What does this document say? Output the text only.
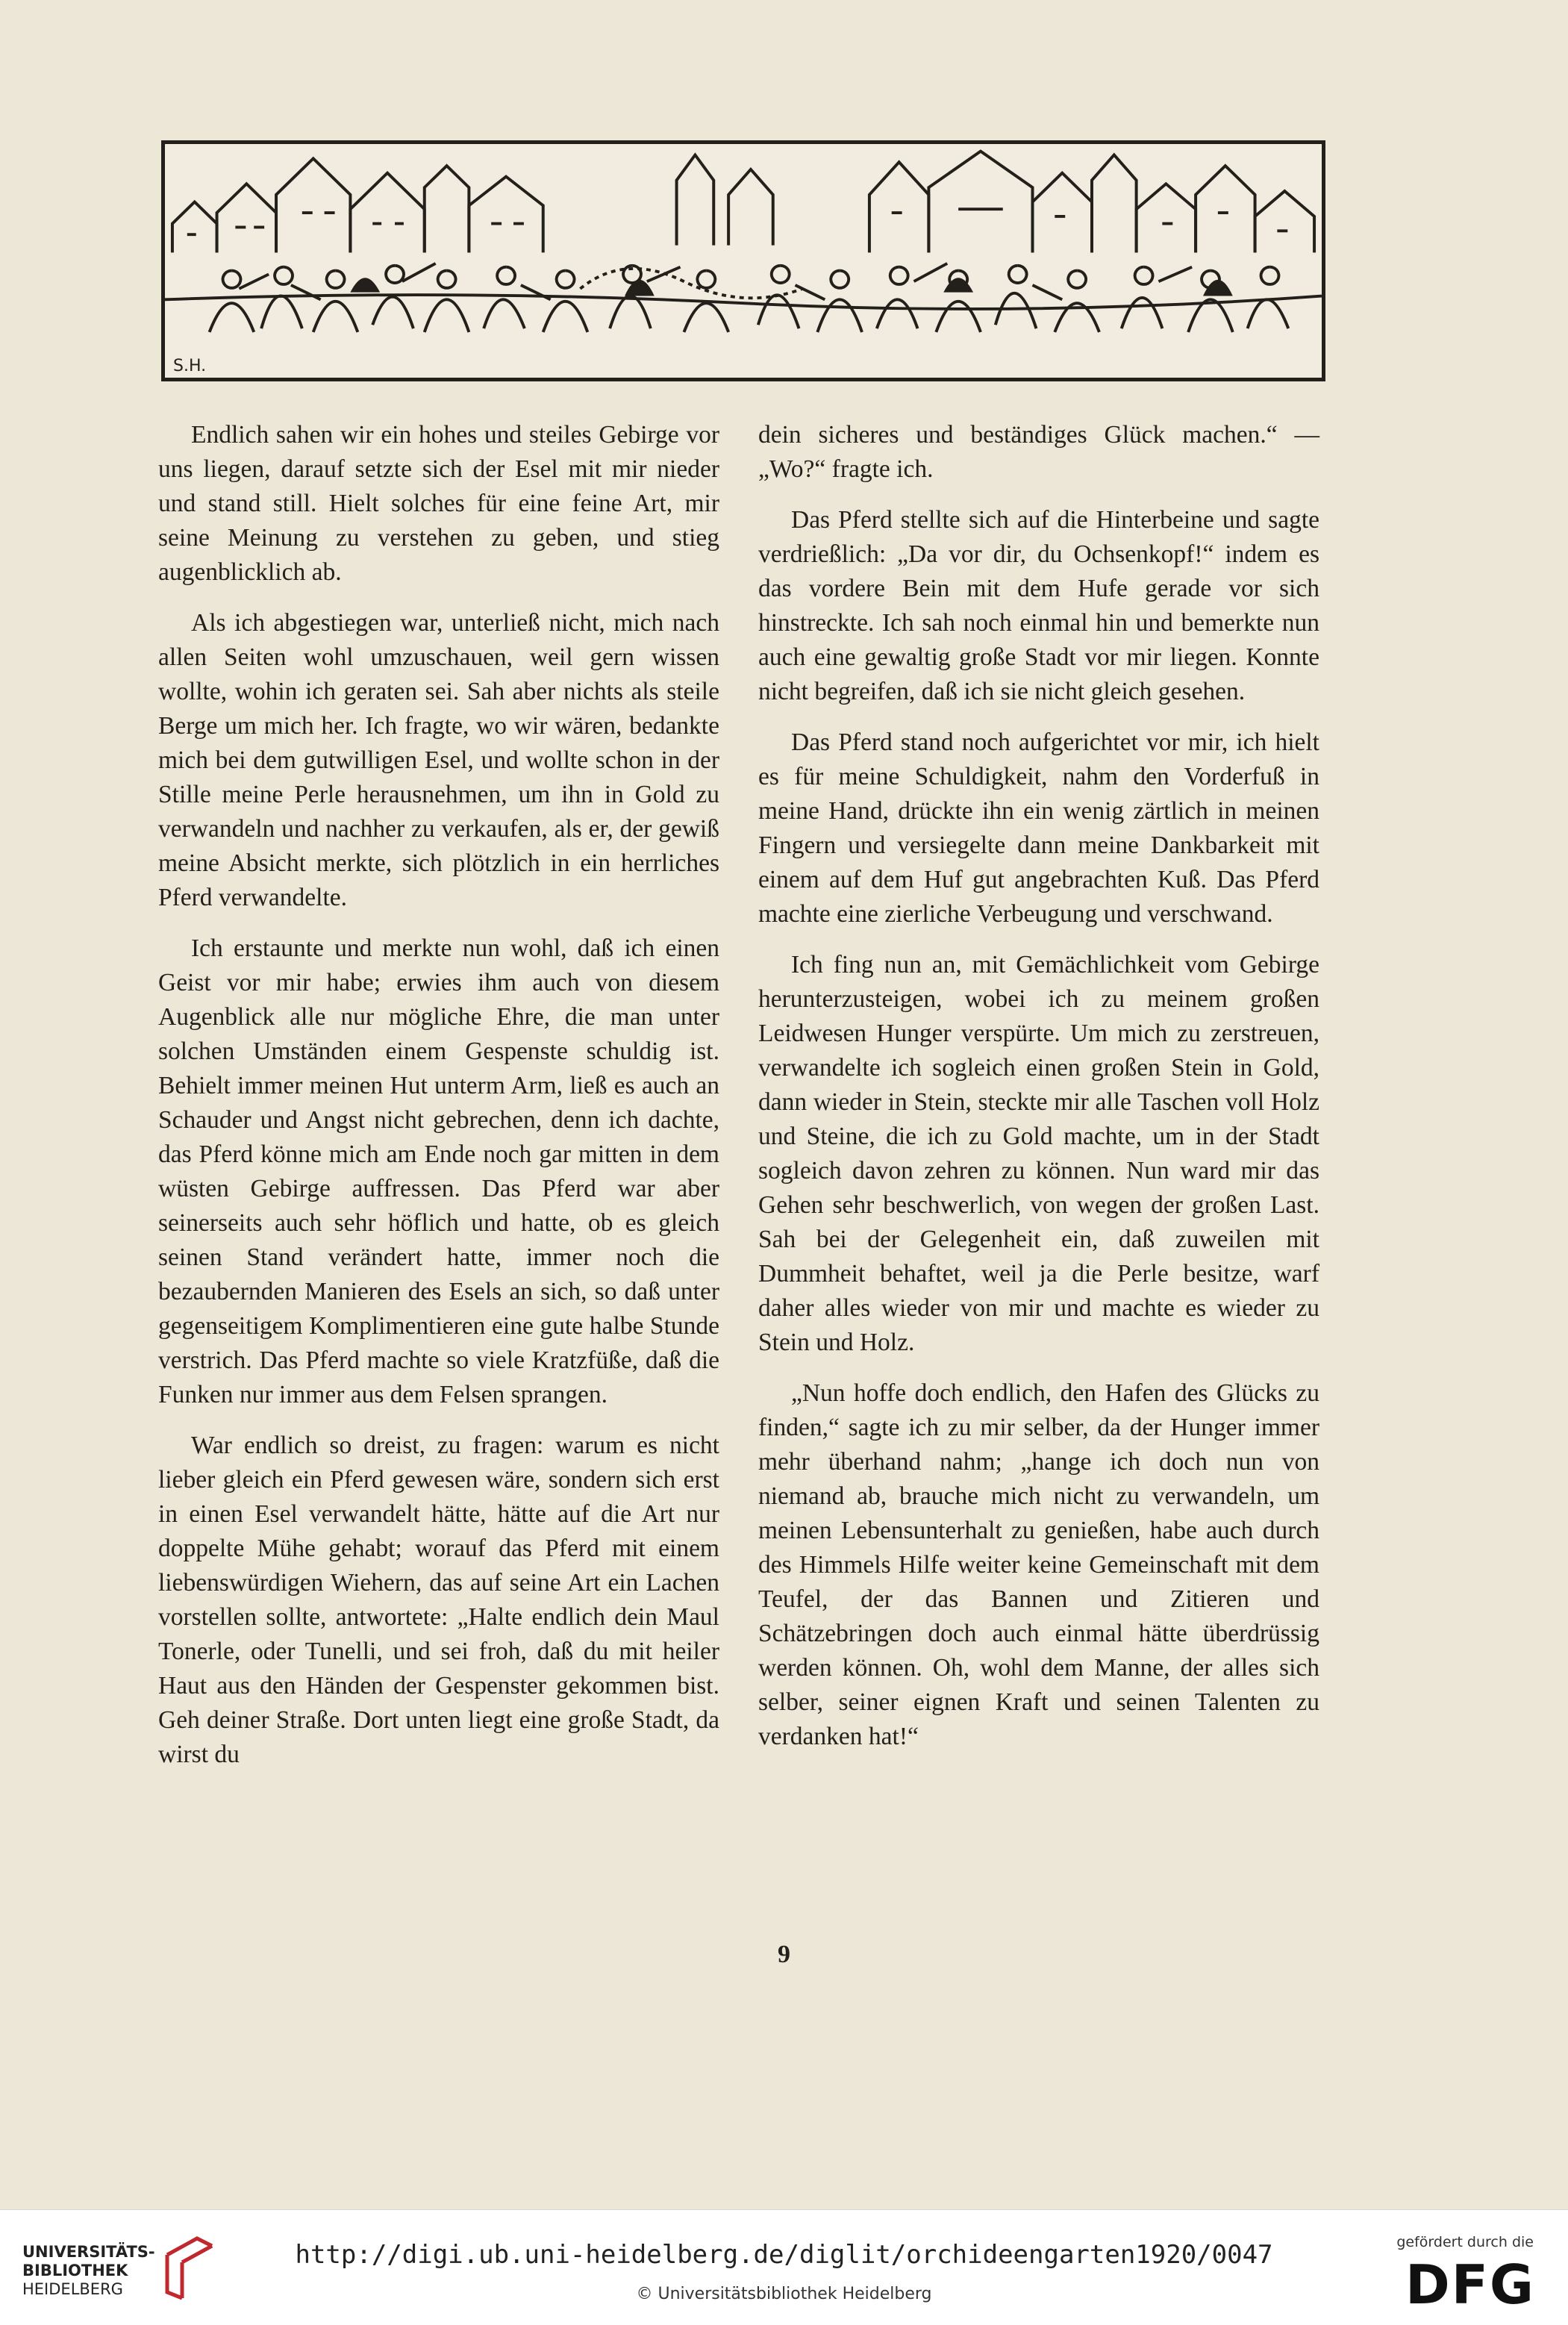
S.H.

Endlich sahen wir ein hohes und steiles Gebirge vor uns liegen, darauf setzte sich der Esel mit mir nieder und stand still. Hielt solches für eine feine Art, mir seine Meinung zu verstehen zu geben, und stieg augenblicklich ab.

Als ich abgestiegen war, unterließ nicht, mich nach allen Seiten wohl umzuschauen, weil gern wissen wollte, wohin ich geraten sei. Sah aber nichts als steile Berge um mich her. Ich fragte, wo wir wären, bedankte mich bei dem gutwilligen Esel, und wollte schon in der Stille meine Perle herausnehmen, um ihn in Gold zu verwandeln und nachher zu verkaufen, als er, der gewiß meine Absicht merkte, sich plötzlich in ein herrliches Pferd verwandelte.

Ich erstaunte und merkte nun wohl, daß ich einen Geist vor mir habe; erwies ihm auch von diesem Augenblick alle nur mögliche Ehre, die man unter solchen Umständen einem Gespenste schuldig ist. Behielt immer meinen Hut unterm Arm, ließ es auch an Schauder und Angst nicht gebrechen, denn ich dachte, das Pferd könne mich am Ende noch gar mitten in dem wüsten Gebirge auffressen. Das Pferd war aber seinerseits auch sehr höflich und hatte, ob es gleich seinen Stand verändert hatte, immer noch die bezaubernden Manieren des Esels an sich, so daß unter gegenseitigem Komplimentieren eine gute halbe Stunde verstrich. Das Pferd machte so viele Kratzfüße, daß die Funken nur immer aus dem Felsen sprangen.

War endlich so dreist, zu fragen: warum es nicht lieber gleich ein Pferd gewesen wäre, sondern sich erst in einen Esel verwandelt hätte, hätte auf die Art nur doppelte Mühe gehabt; worauf das Pferd mit einem liebenswürdigen Wiehern, das auf seine Art ein Lachen vorstellen sollte, antwortete: „Halte endlich dein Maul Tonerle, oder Tunelli, und sei froh, daß du mit heiler Haut aus den Händen der Gespenster gekommen bist. Geh deiner Straße. Dort unten liegt eine große Stadt, da wirst du

dein sicheres und beständiges Glück machen.“ — „Wo?“ fragte ich.

Das Pferd stellte sich auf die Hinterbeine und sagte verdrießlich: „Da vor dir, du Ochsenkopf!“ indem es das vordere Bein mit dem Hufe gerade vor sich hinstreckte. Ich sah noch einmal hin und bemerkte nun auch eine gewaltig große Stadt vor mir liegen. Konnte nicht begreifen, daß ich sie nicht gleich gesehen.

Das Pferd stand noch aufgerichtet vor mir, ich hielt es für meine Schuldigkeit, nahm den Vorderfuß in meine Hand, drückte ihn ein wenig zärtlich in meinen Fingern und versiegelte dann meine Dankbarkeit mit einem auf dem Huf gut angebrachten Kuß. Das Pferd machte eine zierliche Verbeugung und verschwand.

Ich fing nun an, mit Gemächlichkeit vom Gebirge herunterzusteigen, wobei ich zu meinem großen Leidwesen Hunger verspürte. Um mich zu zerstreuen, verwandelte ich sogleich einen großen Stein in Gold, dann wieder in Stein, steckte mir alle Taschen voll Holz und Steine, die ich zu Gold machte, um in der Stadt sogleich davon zehren zu können. Nun ward mir das Gehen sehr beschwerlich, von wegen der großen Last. Sah bei der Gelegenheit ein, daß zuweilen mit Dummheit behaftet, weil ja die Perle besitze, warf daher alles wieder von mir und machte es wieder zu Stein und Holz.

„Nun hoffe doch endlich, den Hafen des Glücks zu finden,“ sagte ich zu mir selber, da der Hunger immer mehr überhand nahm; „hange ich doch nun von niemand ab, brauche mich nicht zu verwandeln, um meinen Lebensunterhalt zu genießen, habe auch durch des Himmels Hilfe weiter keine Gemeinschaft mit dem Teufel, der das Bannen und Zitieren und Schätzebringen doch auch einmal hätte überdrüssig werden können. Oh, wohl dem Manne, der alles sich selber, seiner eignen Kraft und seinen Talenten zu verdanken hat!“

9
UNIVERSITÄTS-
BIBLIOTHEK
HEIDELBERG
http://digi.ub.uni-heidelberg.de/diglit/orchideengarten1920/0047
© Universitätsbibliothek Heidelberg
gefördert durch die
DFG
